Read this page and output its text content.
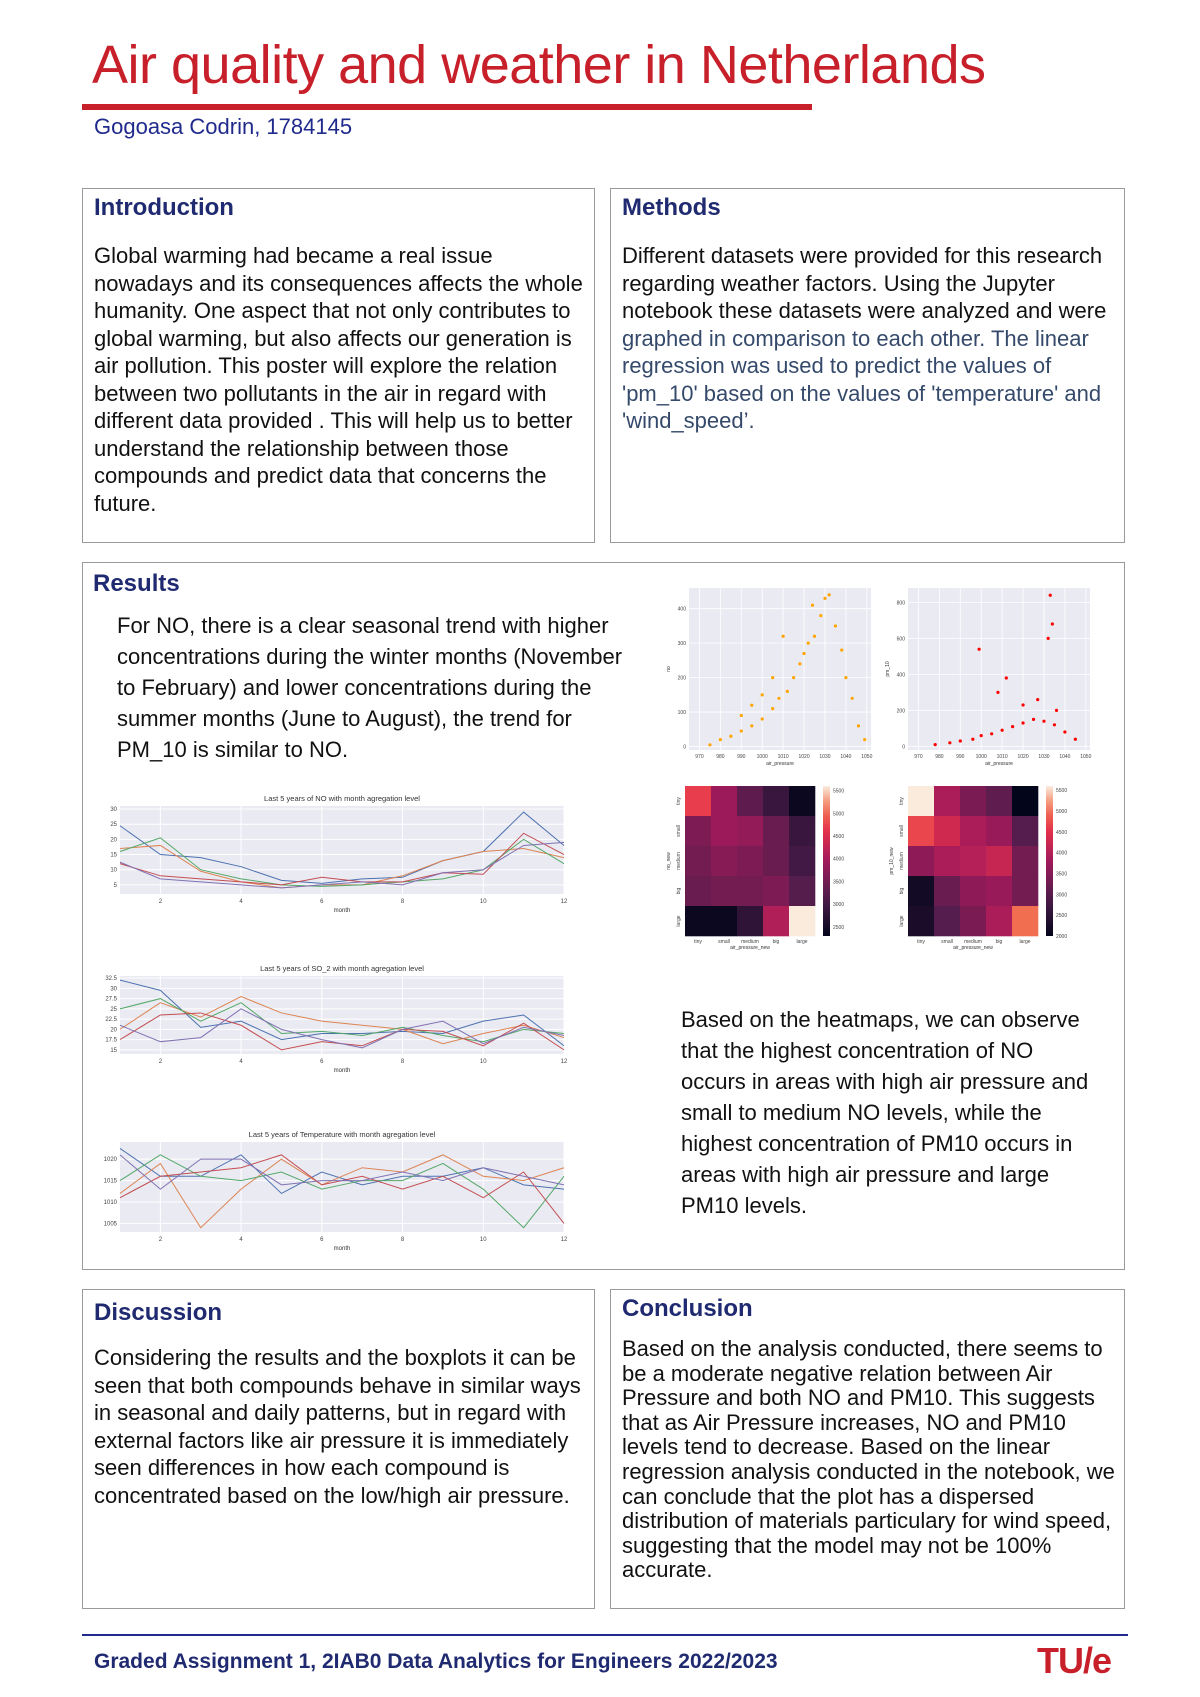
Air quality and weather in Netherlands
Gogoasa Codrin, 1784145
Introduction

Global warming had became a real issue nowadays and its consequences affects the whole humanity. One aspect that not only contributes to global warming, but also affects our generation is air pollution. This poster will explore the relation between two pollutants in the air in regard with different data provided . This will help us to better understand the relationship between those compounds and predict data that concerns the future.

Methods

Different datasets were provided for this research regarding weather factors. Using the Jupyter notebook these datasets were analyzed and were graphed in comparison to each other. The linear regression was used to predict the values of 'pm_10' based on the values of 'temperature' and 'wind_speed’.

Results

For NO, there is a clear seasonal trend with higher concentrations during the winter months (November to February) and lower concentrations during the summer months (June to August), the trend for PM_10 is similar to NO.

Based on the heatmaps, we can observe that the highest concentration of NO occurs in areas with high air pressure and small to medium NO levels, while the highest concentration of PM10 occurs in areas with high air pressure and large PM10 levels.

2	4	6	8	10	12
5
10
15
20
25
30
Last 5 years of NO with month agregation level
month
2	4	6	8	10	12
15
17.5
20
22.5
25
27.5
30
32.5
Last 5 years of SO_2 with month agregation level
month
2	4	6	8	10	12
1005
1010
1015
1020
Last 5 years of Temperature with month agregation level
month
970	980	990 1000 1010 1020 1030 1040 1050
0
100
200
300
400
air_pressure
no
970	980	990 1000 1010 1020 1030 1040 1050
0
200
400
600
800
air_pressure
pm_10
tiny	small medium	big	large
tiny
small
medium
big
large
air_pressure_new
no_new
2500
3000
3500
4000
4500
5000
5500
tiny	small medium	big	large
tiny
small
medium
big
large
air_pressure_new
pm_10_new
2000
2500
3000
3500
4000
4500
5000
5500
Discussion

Considering the results and the boxplots it can be seen that both compounds behave in similar ways in seasonal and daily patterns, but in regard with external factors like air pressure it is immediately seen differences in how each compound is concentrated based on the low/high air pressure.

Conclusion

Based on the analysis conducted, there seems to be a moderate negative relation between Air Pressure and both NO and PM10. This suggests that as Air Pressure increases, NO and PM10 levels tend to decrease. Based on the linear regression analysis conducted in the notebook, we can conclude that the plot has a dispersed distribution of materials particulary for wind speed, suggesting that the model may not be 100% accurate.

Graded Assignment 1, 2IAB0 Data Analytics for Engineers 2022/2023	TU/e
